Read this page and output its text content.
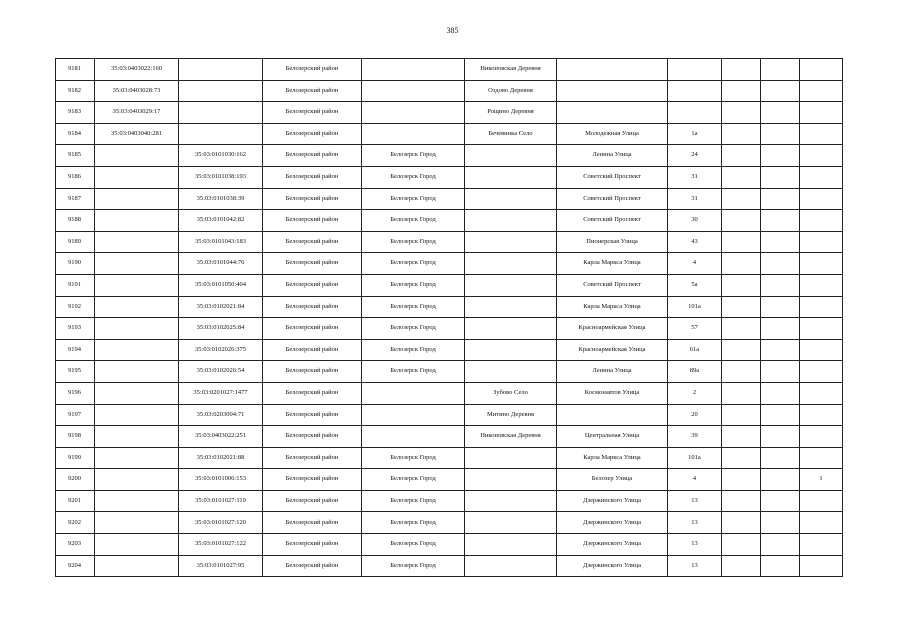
385
9181	35:03:0403022:160		Белозерский район		Никоновская Деревня					
9182	35:03:0403028:73		Белозерский район		Оздово Деревня					
9183	35:03:0403029:17		Белозерский район		Рощино Деревня					
9184	35:03:0403040:281		Белозерский район		Бечевинка Село	Молодежная Улица	1а			
9185		35:03:0101030:162	Белозерский район	Белозерск Город		Ленина Улица	24			
9186		35:03:0101038:193	Белозерский район	Белозерск Город		Советский Проспект	31			
9187		35:03:0101038:39	Белозерский район	Белозерск Город		Советский Проспект	31			
9188		35:03:0101042:82	Белозерский район	Белозерск Город		Советский Проспект	30			
9189		35:03:0101043:183	Белозерский район	Белозерск Город		Пионерская Улица	43			
9190		35:03:0101044:76	Белозерский район	Белозерск Город		Карла Маркса Улица	4			
9191		35:03:0101050:404	Белозерский район	Белозерск Город		Советский Проспект	5а			
9192		35:03:0102021:84	Белозерский район	Белозерск Город		Карла Маркса Улица	101а			
9193		35:03:0102025:84	Белозерский район	Белозерск Город		Красноармейская Улица	57			
9194		35:03:0102026:375	Белозерский район	Белозерск Город		Красноармейская Улица	61а			
9195		35:03:0102026:54	Белозерский район	Белозерск Город		Ленина Улица	89а			
9196		35:03:0201027:1477	Белозерский район		Зубово Село	Космонавтов Улица	2			
9197		35:03:0203004:71	Белозерский район		Митино Деревня		20			
9198		35:03:0403022:251	Белозерский район		Никоновская Деревня	Центральная Улица	39			
9199		35:03:0102021:88	Белозерский район	Белозерск Город		Карла Маркса Улица	101а			
9200		35:03:0101006:153	Белозерский район	Белозерск Город		Белозер Улица	4			1
9201		35:03:0101027:119	Белозерский район	Белозерск Город		Дзержинского Улица	13			
9202		35:03:0101027:120	Белозерский район	Белозерск Город		Дзержинского Улица	13			
9203		35:03:0101027:122	Белозерский район	Белозерск Город		Дзержинского Улица	13			
9204		35:03:0101027:95	Белозерский район	Белозерск Город		Дзержинского Улица	13			
